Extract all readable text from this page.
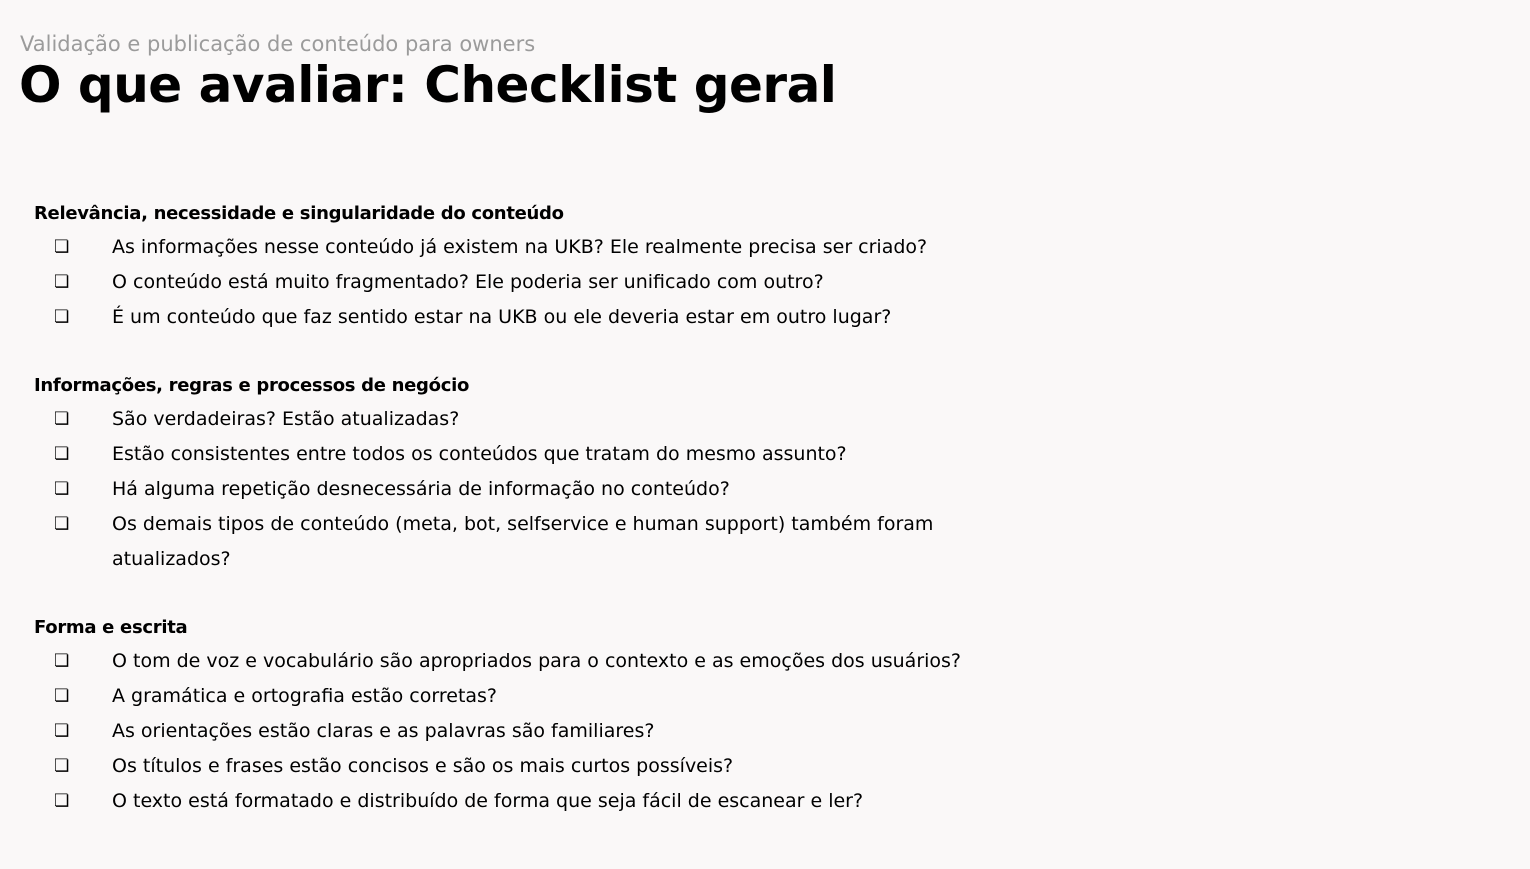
Validação e publicação de conteúdo para owners
O que avaliar: Checklist geral
Relevância, necessidade e singularidade do conteúdo
❏	As informações nesse conteúdo já existem na UKB? Ele realmente precisa ser criado?
❏	O conteúdo está muito fragmentado? Ele poderia ser unificado com outro?
❏	É um conteúdo que faz sentido estar na UKB ou ele deveria estar em outro lugar?
Informações, regras e processos de negócio
❏	São verdadeiras? Estão atualizadas?
❏	Estão consistentes entre todos os conteúdos que tratam do mesmo assunto?
❏	Há alguma repetição desnecessária de informação no conteúdo?
❏	Os demais tipos de conteúdo (meta, bot, selfservice e human support) também foram atualizados?
Forma e escrita
❏	O tom de voz e vocabulário são apropriados para o contexto e as emoções dos usuários?
❏	A gramática e ortografia estão corretas?
❏	As orientações estão claras e as palavras são familiares?
❏	Os títulos e frases estão concisos e são os mais curtos possíveis?
❏	O texto está formatado e distribuído de forma que seja fácil de escanear e ler?
